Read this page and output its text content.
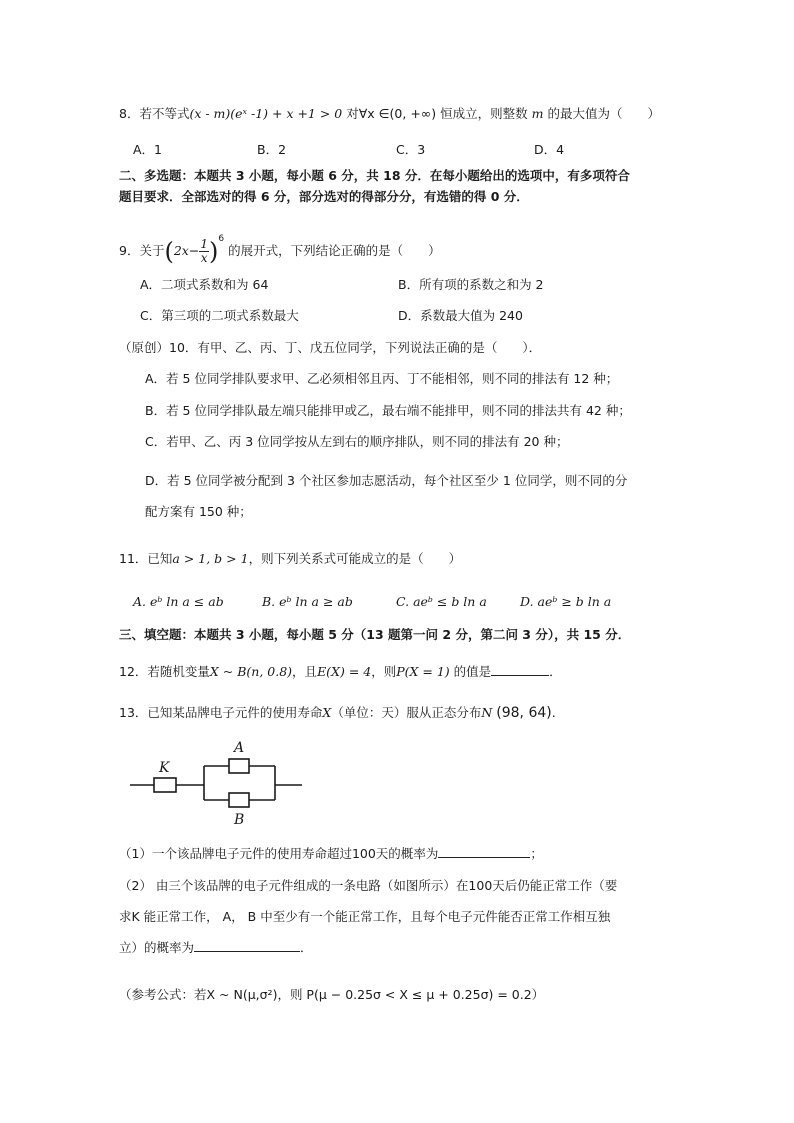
8．若不等式(x - m)(eˣ -1) + x +1 > 0 对∀x ∈(0, +∞) 恒成立，则整数 m 的最大值为（　　）
A．1	B．2	C．3	D．4
二、多选题：本题共 3 小题，每小题 6 分，共 18 分．在每小题给出的选项中，有多项符合
题目要求．全部选对的得 6 分，部分选对的得部分分，有选错的得 0 分．
9．关于$(2x- \frac{1}{x} )^6$ 的展开式，下列结论正确的是（　　）
A．二项式系数和为 64	B．所有项的系数之和为 2
C．第三项的二项式系数最大	D．系数最大值为 240
（原创）10．有甲、乙、丙、丁、戊五位同学，下列说法正确的是（　　）．
A．若 5 位同学排队要求甲、乙必须相邻且丙、丁不能相邻，则不同的排法有 12 种；
B．若 5 位同学排队最左端只能排甲或乙，最右端不能排甲，则不同的排法共有 42 种；
C．若甲、乙、丙 3 位同学按从左到右的顺序排队，则不同的排法有 20 种；
D．若 5 位同学被分配到 3 个社区参加志愿活动，每个社区至少 1 位同学，则不同的分
配方案有 150 种；
11．已知a > 1, b > 1，则下列关系式可能成立的是（　　）
A. eᵇ ln a ≤ ab	B. eᵇ ln a ≥ ab	C. aeᵇ ≤ b ln a	D. aeᵇ ≥ b ln a
三、填空题：本题共 3 小题，每小题 5 分（13 题第一问 2 分，第二问 3 分），共 15 分．
12．若随机变量X ~ B(n, 0.8)，且E(X) = 4，则P(X = 1) 的值是	．
13．已知某品牌电子元件的使用寿命X（单位：天）服从正态分布N (98, 64).
K
A
B
（1）一个该品牌电子元件的使用寿命超过100天的概率为	；
（2） 由三个该品牌的电子元件组成的一条电路（如图所示）在100天后仍能正常工作（要
求K 能正常工作， A， B 中至少有一个能正常工作，且每个电子元件能否正常工作相互独
立）的概率为	．
（参考公式：若X ~ N(μ,σ²)，则 P(μ − 0.25σ < X ≤ μ + 0.25σ) = 0.2）
